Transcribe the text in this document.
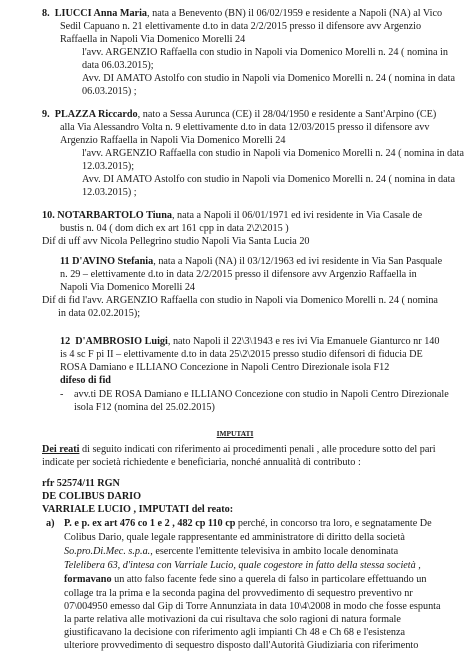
8. LIUCCI Anna Maria, nata a Benevento (BN) il 06/02/1959 e residente a Napoli (NA) al Vico
Sedil Capuano n. 21 elettivamente d.to in data 2/2/2015 presso il difensore avv Argenzio
Raffaella in Napoli Via Domenico Morelli 24
l'avv. ARGENZIO Raffaella con studio in Napoli via Domenico Morelli n. 24 ( nomina in
data 06.03.2015);
Avv. DI AMATO Astolfo con studio in Napoli via Domenico Morelli n. 24 ( nomina in data
06.03.2015) ;
9. PLAZZA Riccardo, nato a Sessa Aurunca (CE) il 28/04/1950 e residente a Sant'Arpino (CE)
alla Via Alessandro Volta n. 9 elettivamente d.to in data 12/03/2015 presso il difensore avv
Argenzio Raffaella in Napoli Via Domenico Morelli 24
l'avv. ARGENZIO Raffaella con studio in Napoli via Domenico Morelli n. 24 ( nomina in data
12.03.2015);
Avv. DI AMATO Astolfo con studio in Napoli via Domenico Morelli n. 24 ( nomina in data
12.03.2015) ;
10. NOTARBARTOLO Tiuna, nata a Napoli il 06/01/1971 ed ivi residente in Via Casale de
bustis n. 04 ( dom dich ex art 161 cpp in data 2\2\2015 )
Dif di uff avv Nicola Pellegrino studio Napoli Via Santa Lucia 20
11 D'AVINO Stefania, nata a Napoli (NA) il 03/12/1963 ed ivi residente in Via San Pasquale
n. 29 – elettivamente d.to in data 2/2/2015 presso il difensore avv Argenzio Raffaella in
Napoli Via Domenico Morelli 24
Dif di fid l'avv. ARGENZIO Raffaella con studio in Napoli via Domenico Morelli n. 24 ( nomina
in data 02.02.2015);
12 D'AMBROSIO Luigi, nato Napoli il 22\3\1943 e res ivi Via Emanuele Gianturco nr 140
is 4 sc F pi II – elettivamente d.to in data 25\2\2015 presso studio difensori di fiducia DE
ROSA Damiano e ILLIANO Concezione in Napoli Centro Direzionale isola F12
difeso di fid
- avv.ti DE ROSA Damiano e ILLIANO Concezione con studio in Napoli Centro Direzionale
isola F12 (nomina del 25.02.2015)
IMPUTATI
Dei reati di seguito indicati con riferimento ai procedimenti penali , alle procedure sotto del pari
indicate per società richiedente e beneficiaria, nonché annualità di contributo :
rfr 52574/11 RGN
DE COLIBUS DARIO
VARRIALE LUCIO , IMPUTATI del reato:
a) P. e p. ex art 476 co 1 e 2 , 482 cp 110 cp perché, in concorso tra loro, e segnatamente De
Colibus Dario, quale legale rappresentante ed amministratore di diritto della società
So.pro.Di.Mec. s.p.a., esercente l'emittente televisiva in ambito locale denominata
Telelibera 63, d'intesa con Varriale Lucio, quale cogestore in fatto della stessa società ,
formavano un atto falso facente fede sino a querela di falso in particolare effettuando un
collage tra la prima e la seconda pagina del provvedimento di sequestro preventivo nr
07\004950 emesso dal Gip di Torre Annunziata in data 10\4\2008 in modo che fosse espunta
la parte relativa alle motivazioni da cui risultava che solo ragioni di natura formale
giustificavano la decisione con riferimento agli impianti Ch 48 e Ch 68 e l'esistenza
ulteriore provvedimento di sequestro disposto dall'Autorità Giudiziaria con riferimento
